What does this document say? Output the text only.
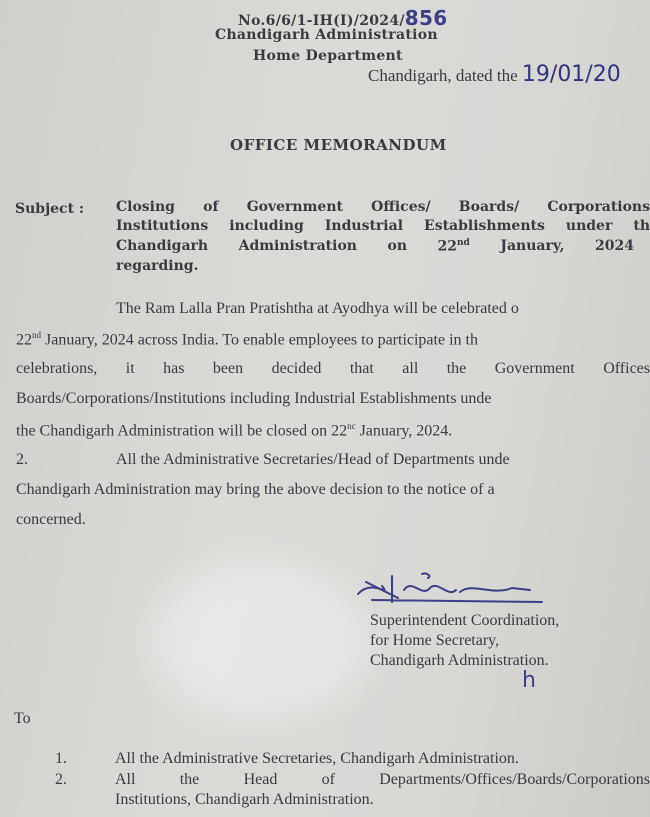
No.6/6/1-IH(I)/2024/856
Chandigarh Administration
Home Department
Chandigarh, dated the 19/01/20
OFFICE MEMORANDUM
Subject : Closing of Government Offices/ Boards/ Corporations
Institutions including Industrial Establishments under th
Chandigarh Administration on 22nd January, 2024
regarding.
The Ram Lalla Pran Pratishtha at Ayodhya will be celebrated o
22nd January, 2024 across India. To enable employees to participate in th
celebrations, it has been decided that all the Government Offices
Boards/Corporations/Institutions including Industrial Establishments unde
the Chandigarh Administration will be closed on $22^{nc}$ January, 2024.
2.	All the Administrative Secretaries/Head of Departments unde
Chandigarh Administration may bring the above decision to the notice of a
concerned.
Superintendent Coordination,
for Home Secretary,
Chandigarh Administration.
h
To
1.	All the Administrative Secretaries, Chandigarh Administration.
2.	All the Head of Departments/Offices/Boards/Corporations
Institutions, Chandigarh Administration.
